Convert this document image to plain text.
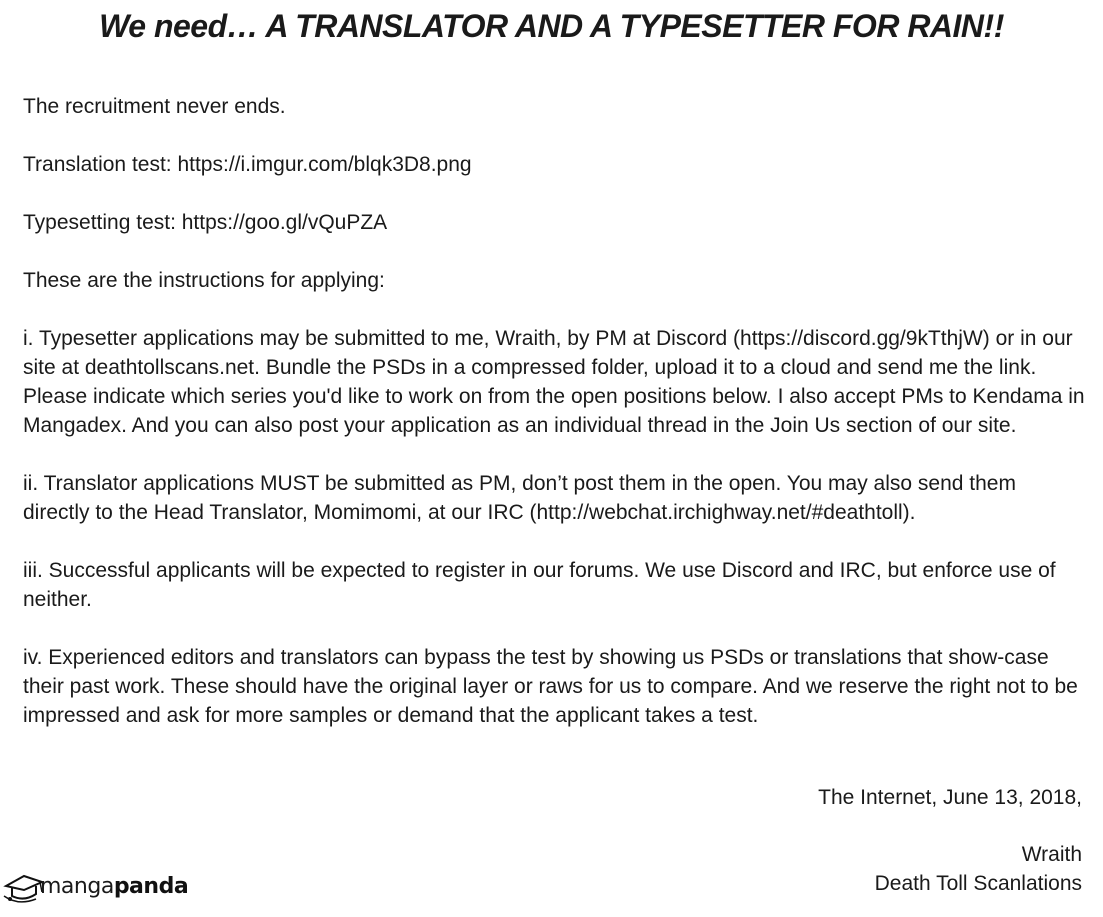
We need… A TRANSLATOR AND A TYPESETTER FOR RAIN!!

The recruitment never ends.

Translation test: https://i.imgur.com/blqk3D8.png

Typesetting test: https://goo.gl/vQuPZA

These are the instructions for applying:

i. Typesetter applications may be submitted to me, Wraith, by PM at Discord (https://discord.gg/9kTthjW) or in our site at deathtollscans.net. Bundle the PSDs in a compressed folder, upload it to a cloud and send me the link. Please indicate which series you'd like to work on from the open positions below. I also accept PMs to Kendama in Mangadex. And you can also post your application as an individual thread in the Join Us section of our site.

ii. Translator applications MUST be submitted as PM, don’t post them in the open. You may also send them directly to the Head Translator, Momimomi, at our IRC (http://webchat.irchighway.net/#deathtoll).

iii. Successful applicants will be expected to register in our forums. We use Discord and IRC, but enforce use of neither.

iv. Experienced editors and translators can bypass the test by showing us PSDs or translations that show-case their past work. These should have the original layer or raws for us to compare. And we reserve the right not to be impressed and ask for more samples or demand that the applicant takes a test.

The Internet, June 13, 2018,
Wraith
Death Toll Scanlations
mangapanda
